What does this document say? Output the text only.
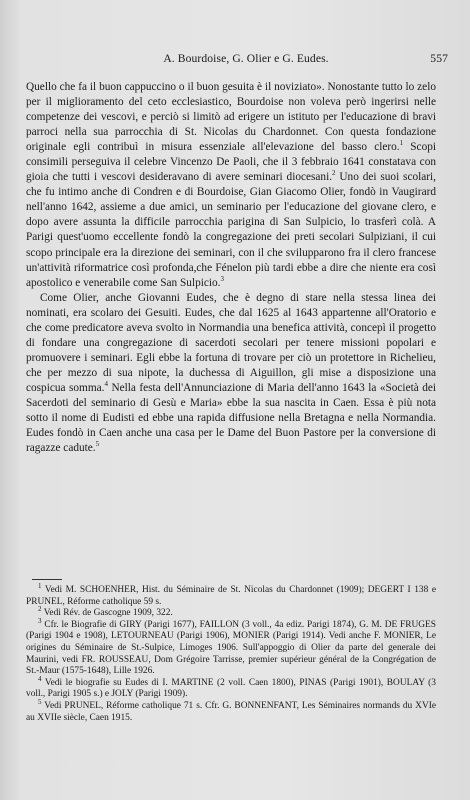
A. Bourdoise, G. Olier e G. Eudes.	557

Quello che fa il buon cappuccino o il buon gesuita è il noviziato». Nonostante tutto lo zelo per il miglioramento del ceto ecclesiastico, Bourdoise non voleva però ingerirsi nelle competenze dei vescovi, e perciò si limitò ad erigere un istituto per l'educazione di bravi parroci nella sua parrocchia di St. Nicolas du Chardonnet. Con questa fondazione originale egli contribuì in misura essenziale all'elevazione del basso clero.$^1$ Scopi consimili perseguiva il celebre Vincenzo De Paoli, che il 3 febbraio 1641 constatava con gioia che tutti i vescovi desideravano di avere seminari diocesani.$^2$ Uno dei suoi scolari, che fu intimo anche di Condren e di Bourdoise, Gian Giacomo Olier, fondò in Vaugirard nell'anno 1642, assieme a due amici, un seminario per l'educazione del giovane clero, e dopo avere assunta la difficile parrocchia parigina di San Sulpicio, lo trasferì colà. A Parigi quest'uomo eccellente fondò la congregazione dei preti secolari Sulpiziani, il cui scopo principale era la direzione dei seminari, con il che svilupparono fra il clero francese un'attività riformatrice così profonda,che Fénelon più tardi ebbe a dire che niente era così apostolico e venerabile come San Sulpicio.$^3$

Come Olier, anche Giovanni Eudes, che è degno di stare nella stessa linea dei nominati, era scolaro dei Gesuiti. Eudes, che dal 1625 al 1643 appartenne all'Oratorio e che come predicatore aveva svolto in Normandia una benefica attività, concepì il progetto di fondare una congregazione di sacerdoti secolari per tenere missioni popolari e promuovere i seminari. Egli ebbe la fortuna di trovare per ciò un protettore in Richelieu, che per mezzo di sua nipote, la duchessa di Aiguillon, gli mise a disposizione una cospicua somma.$^4$ Nella festa dell'Annunciazione di Maria dell'anno 1643 la «Società dei Sacerdoti del seminario di Gesù e Maria» ebbe la sua nascita in Caen. Essa è più nota sotto il nome di Eudisti ed ebbe una rapida diffusione nella Bretagna e nella Normandia. Eudes fondò in Caen anche una casa per le Dame del Buon Pastore per la conversione di ragazze cadute.$^5$

$^1$ Vedi M. SCHOENHER, Hist. du Séminaire de St. Nicolas du Chardonnet (1909); DEGERT I 138 e PRUNEL, Réforme catholique 59 s.

$^2$ Vedi Rév. de Gascogne 1909, 322.

$^3$ Cfr. le Biografie di GIRY (Parigi 1677), FAILLON (3 voll., 4a ediz. Parigi 1874), G. M. DE FRUGES (Parigi 1904 e 1908), LETOURNEAU (Parigi 1906), MONIER (Parigi 1914). Vedi anche F. MONIER, Le origines du Séminaire de St.-Sulpice, Limoges 1906. Sull'appoggio di Olier da parte del generale dei Maurini, vedi FR. ROUSSEAU, Dom Grégoire Tarrisse, premier supérieur général de la Congrégation de St.-Maur (1575-1648), Lille 1926.

$^4$ Vedi le biografie su Eudes di I. MARTINE (2 voll. Caen 1800), PINAS (Parigi 1901), BOULAY (3 voll., Parigi 1905 s.) e JOLY (Parigi 1909).

$^5$ Vedi PRUNEL, Réforme catholique 71 s. Cfr. G. BONNENFANT, Les Séminaires normands du XVIe au XVIIe siècle, Caen 1915.
